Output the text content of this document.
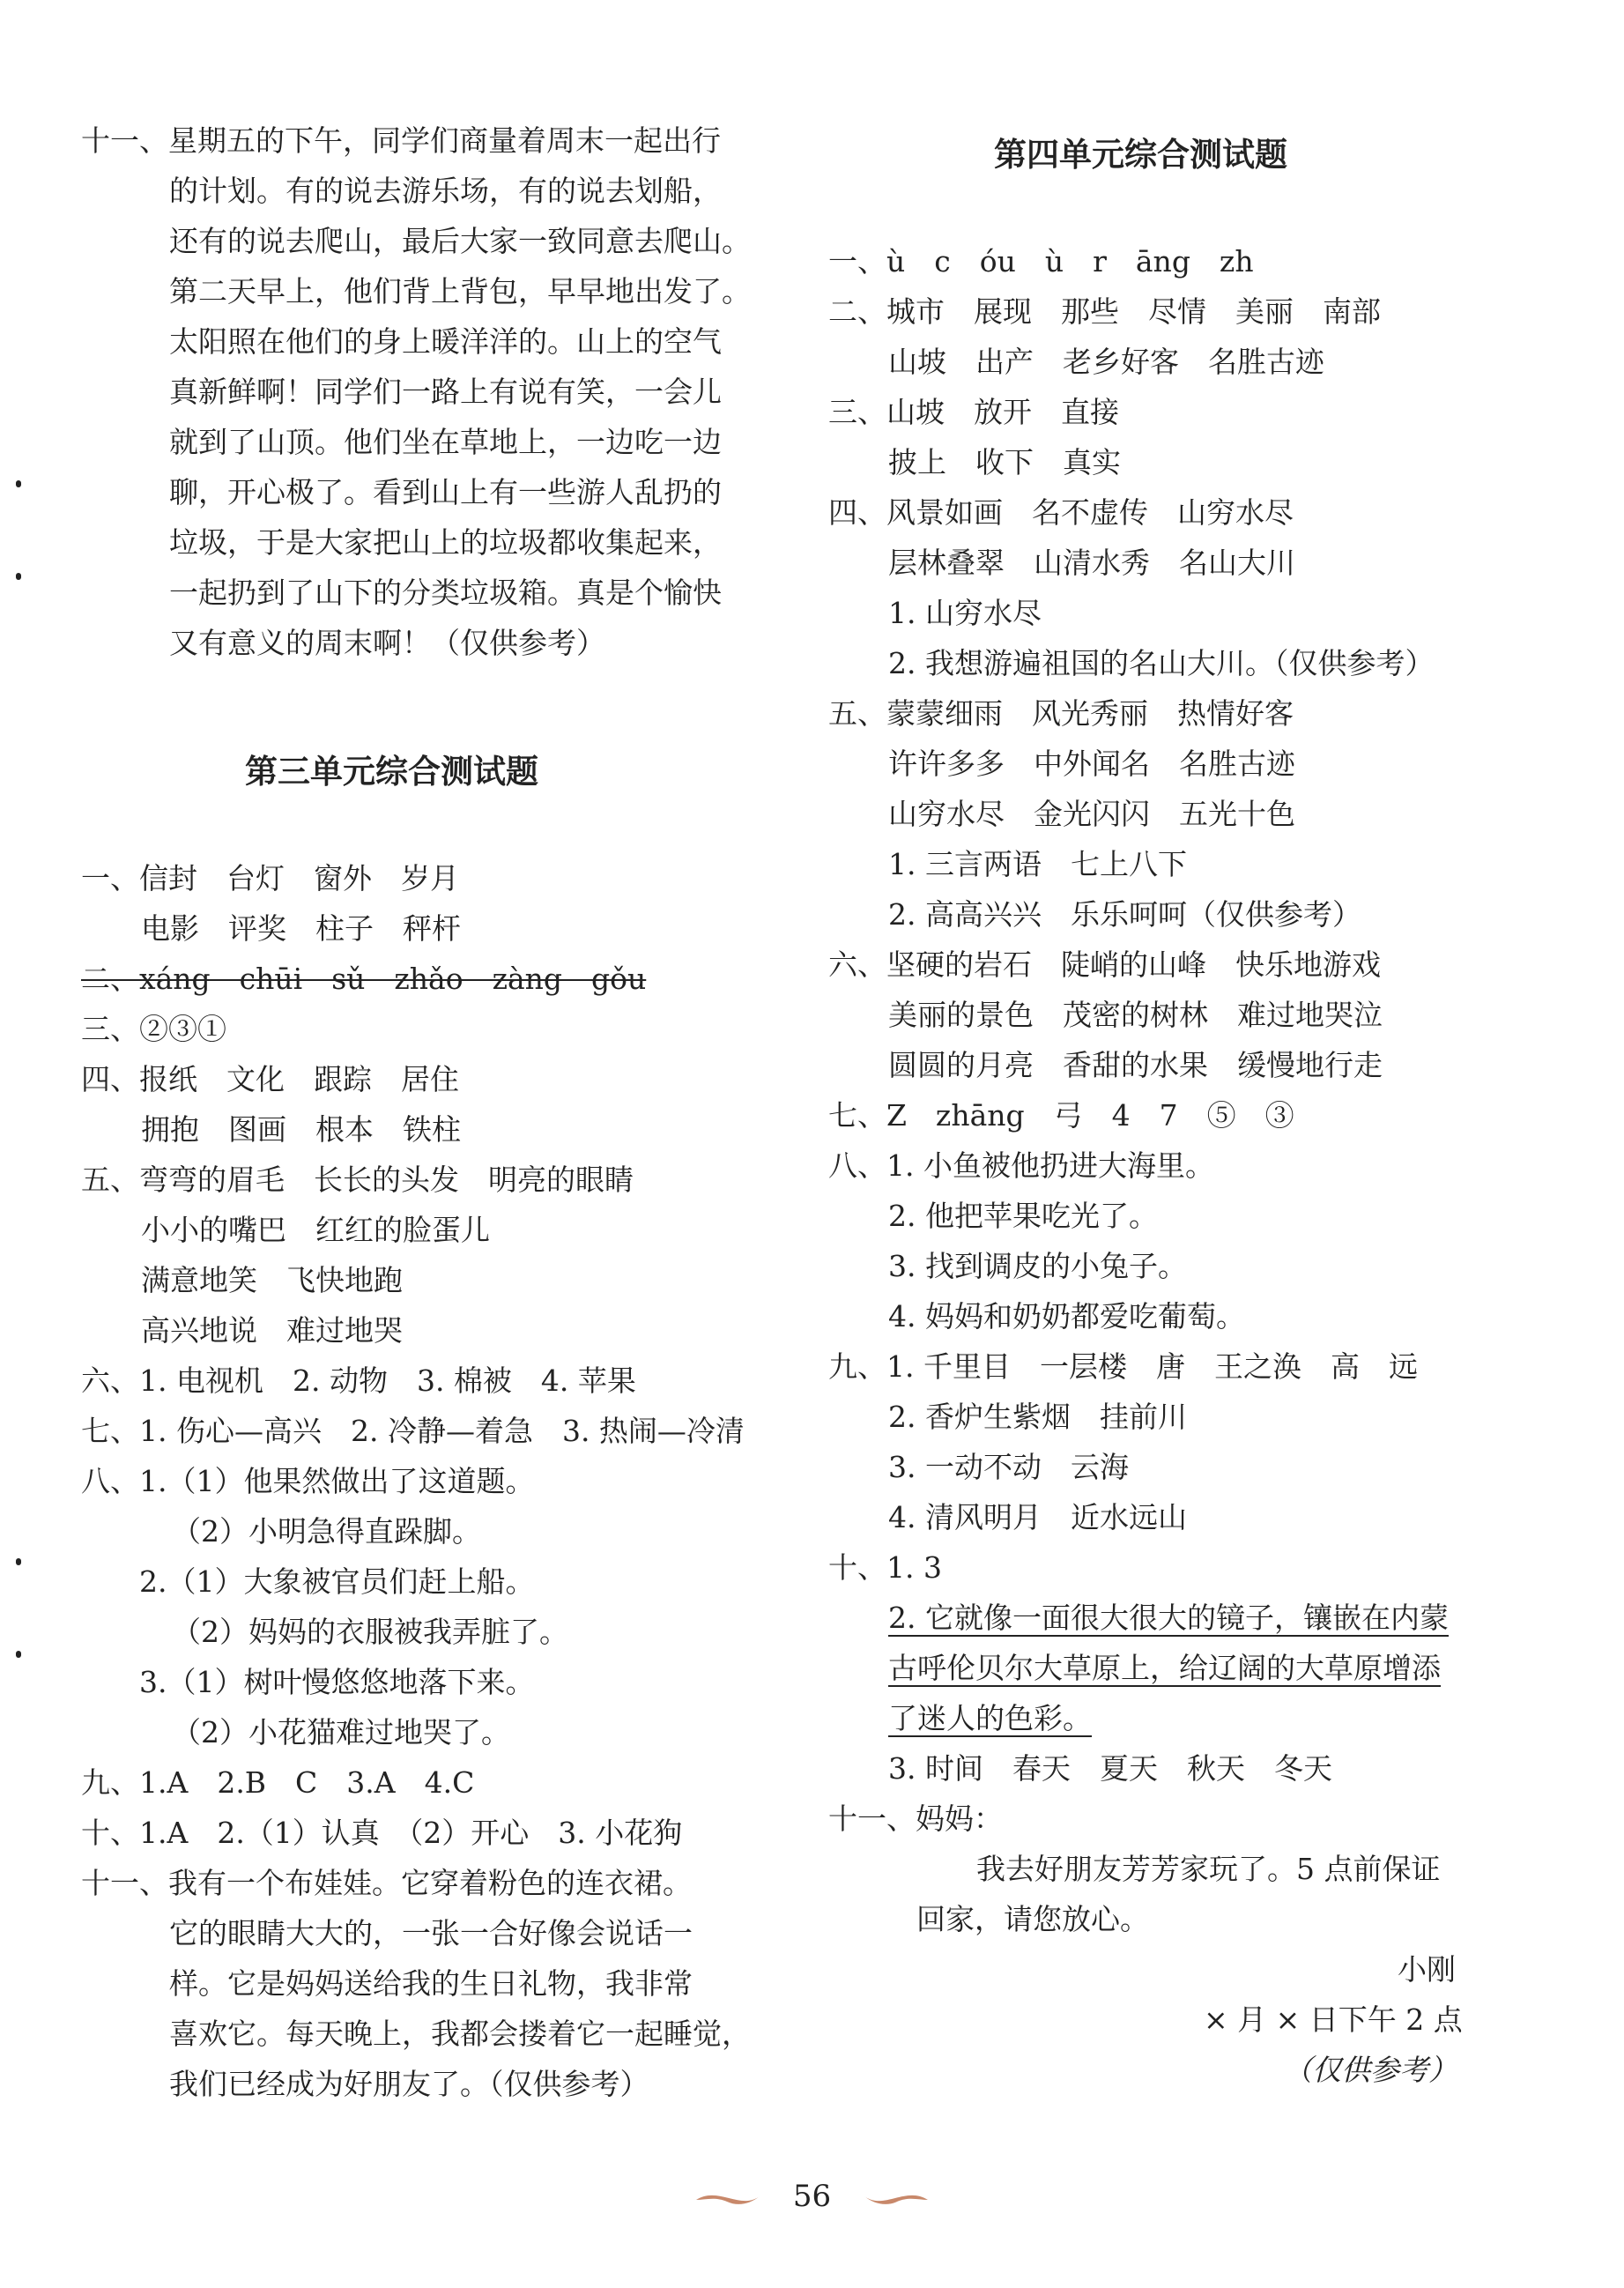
十一、星期五的下午，同学们商量着周末一起出行
的计划。有的说去游乐场，有的说去划船，
还有的说去爬山，最后大家一致同意去爬山。
第二天早上，他们背上背包，早早地出发了。
太阳照在他们的身上暖洋洋的。山上的空气
真新鲜啊！同学们一路上有说有笑，一会儿
就到了山顶。他们坐在草地上，一边吃一边
聊，开心极了。看到山上有一些游人乱扔的
垃圾，于是大家把山上的垃圾都收集起来，
一起扔到了山下的分类垃圾箱。真是个愉快
又有意义的周末啊！（仅供参考）
第三单元综合测试题
一、信封　台灯　窗外　岁月
电影　评奖　柱子　秤杆
二、xáng　chūi　sǔ　zhǎo　zàng　gǒu
三、②③①
四、报纸　文化　跟踪　居住
拥抱　图画　根本　铁柱
五、弯弯的眉毛　长长的头发　明亮的眼睛
小小的嘴巴　红红的脸蛋儿
满意地笑　飞快地跑
高兴地说　难过地哭
六、1. 电视机　2. 动物　3. 棉被　4. 苹果
七、1. 伤心—高兴　2. 冷静—着急　3. 热闹—冷清
八、1.（1）他果然做出了这道题。
（2）小明急得直跺脚。
2.（1）大象被官员们赶上船。
（2）妈妈的衣服被我弄脏了。
3.（1）树叶慢悠悠地落下来。
（2）小花猫难过地哭了。
九、1.A　2.B　C　3.A　4.C
十、1.A　2.（1）认真　（2）开心　3. 小花狗
十一、我有一个布娃娃。它穿着粉色的连衣裙。
它的眼睛大大的，一张一合好像会说话一
样。它是妈妈送给我的生日礼物，我非常
喜欢它。每天晚上，我都会搂着它一起睡觉，
我们已经成为好朋友了。（仅供参考）
第四单元综合测试题
一、ù　c　óu　ù　r　āng　zh
二、城市　展现　那些　尽情　美丽　南部
山坡　出产　老乡好客　名胜古迹
三、山坡　放开　直接
披上　收下　真实
四、风景如画　名不虚传　山穷水尽
层林叠翠　山清水秀　名山大川
1. 山穷水尽
2. 我想游遍祖国的名山大川。（仅供参考）
五、蒙蒙细雨　风光秀丽　热情好客
许许多多　中外闻名　名胜古迹
山穷水尽　金光闪闪　五光十色
1. 三言两语　七上八下
2. 高高兴兴　乐乐呵呵（仅供参考）
六、坚硬的岩石　陡峭的山峰　快乐地游戏
美丽的景色　茂密的树林　难过地哭泣
圆圆的月亮　香甜的水果　缓慢地行走
七、Z　zhāng　弓　4　7　⑤　③
八、1. 小鱼被他扔进大海里。
2. 他把苹果吃光了。
3. 找到调皮的小兔子。
4. 妈妈和奶奶都爱吃葡萄。
九、1. 千里目　一层楼　唐　王之涣　高　远
2. 香炉生紫烟　挂前川
3. 一动不动　云海
4. 清风明月　近水远山
十、1. 3
2. 它就像一面很大很大的镜子，镶嵌在内蒙
古呼伦贝尔大草原上，给辽阔的大草原增添
了迷人的色彩。
3. 时间　春天　夏天　秋天　冬天
十一、妈妈：
我去好朋友芳芳家玩了。5 点前保证
回家，请您放心。
小刚
× 月 × 日下午 2 点
（仅供参考）
56
